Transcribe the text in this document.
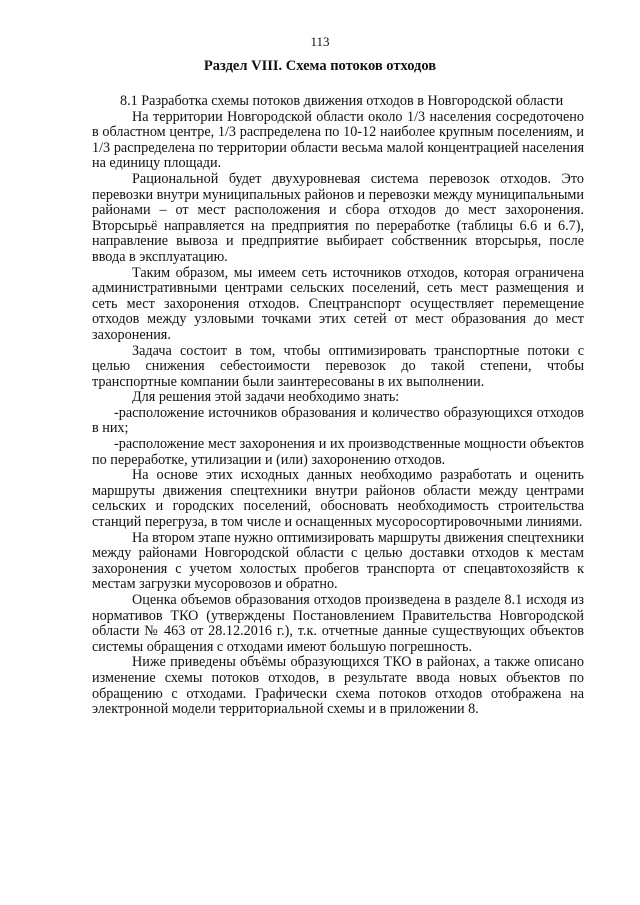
113
Раздел VIII. Схема потоков отходов

8.1 Разработка схемы потоков движения отходов в Новгородской области

На территории Новгородской области около 1/3 населения сосредоточено в областном центре, 1/3 распределена по 10-12 наиболее крупным поселениям, и 1/3 распределена по территории области весьма малой концентрацией населения на единицу площади.

Рациональной будет двухуровневая система перевозок отходов. Это перевозки внутри муниципальных районов и перевозки между муниципальными районами – от мест расположения и сбора отходов до мест захоронения. Вторсырьё направляется на предприятия по переработке (таблицы 6.6 и 6.7), направление вывоза и предприятие выбирает собственник вторсырья, после ввода в эксплуатацию.

Таким образом, мы имеем сеть источников отходов, которая ограничена административными центрами сельских поселений, сеть мест размещения и сеть мест захоронения отходов. Спецтранспорт осуществляет перемещение отходов между узловыми точками этих сетей от мест образования до мест захоронения.

Задача состоит в том, чтобы оптимизировать транспортные потоки с целью снижения себестоимости перевозок до такой степени, чтобы транспортные компании были заинтересованы в их выполнении.

Для решения этой задачи необходимо знать:

-расположение источников образования и количество образующихся отходов в них;

-расположение мест захоронения и их производственные мощности объектов по переработке, утилизации и (или) захоронению отходов.

На основе этих исходных данных необходимо разработать и оценить маршруты движения спецтехники внутри районов области между центрами сельских и городских поселений, обосновать необходимость строительства станций перегруза, в том числе и оснащенных мусоросортировочными линиями.

На втором этапе нужно оптимизировать маршруты движения спецтехники между районами Новгородской области с целью доставки отходов к местам захоронения с учетом холостых пробегов транспорта от спецавтохозяйств к местам загрузки мусоровозов и обратно.

Оценка объемов образования отходов произведена в разделе 8.1 исходя из нормативов ТКО (утверждены Постановлением Правительства Новгородской области № 463 от 28.12.2016 г.), т.к. отчетные данные существующих объектов системы обращения с отходами имеют большую погрешность.

Ниже приведены объёмы образующихся ТКО в районах, а также описано изменение схемы потоков отходов, в результате ввода новых объектов по обращению с отходами. Графически схема потоков отходов отображена на электронной модели территориальной схемы и в приложении 8.
